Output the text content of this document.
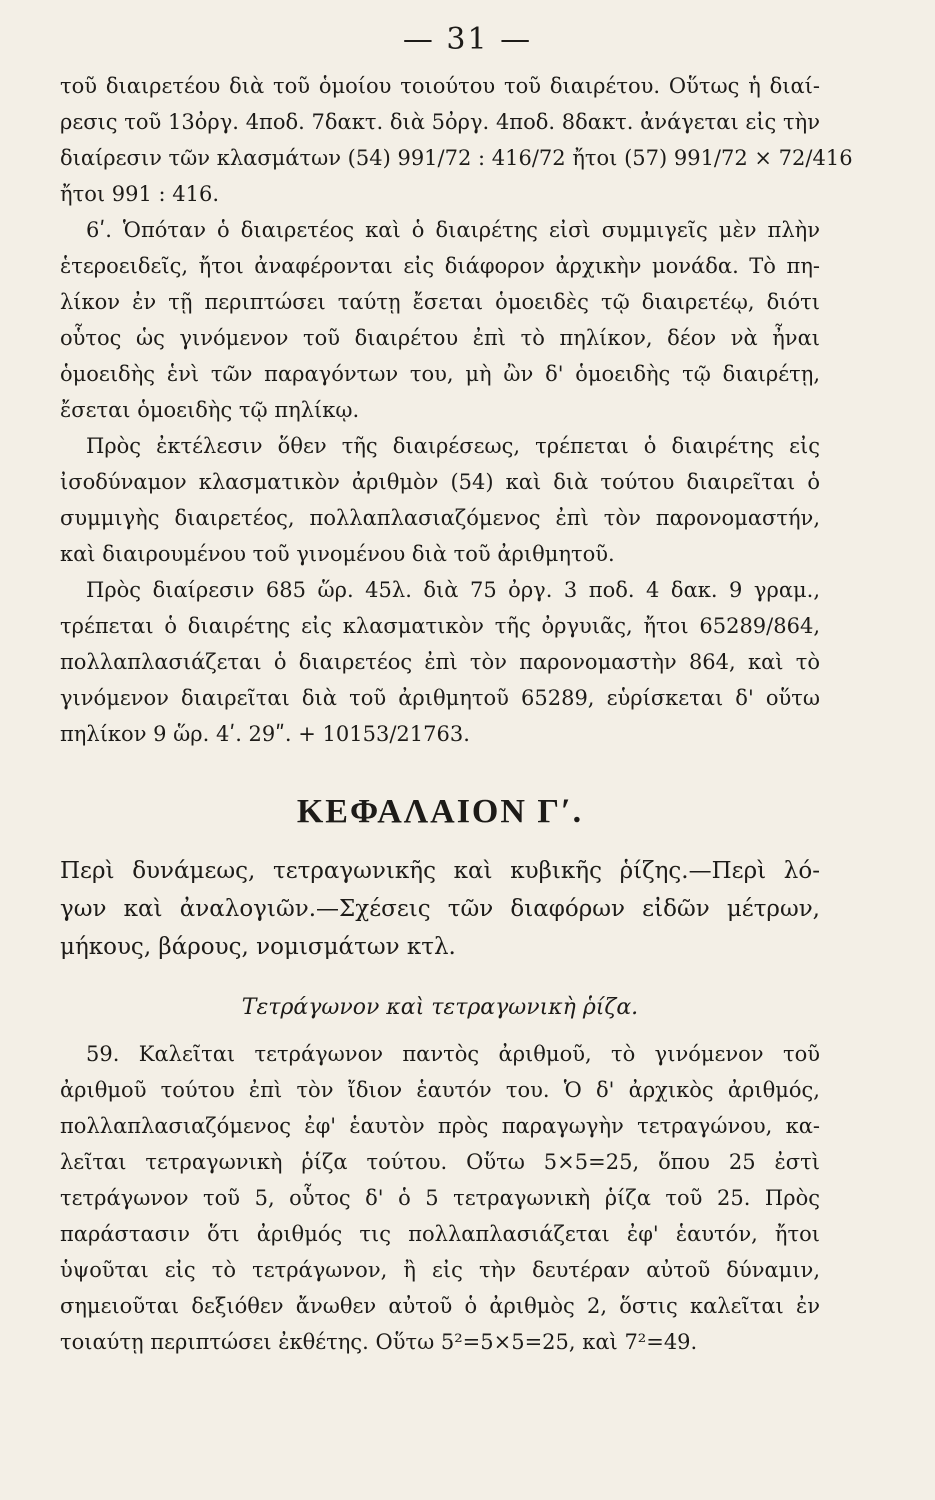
— 31 —
τοῦ διαιρετέου διὰ τοῦ ὁμοίου τοιούτου τοῦ διαιρέτου. Οὕτως ἡ διαί-
ρεσις τοῦ 13ὀργ. 4ποδ. 7δακτ. διὰ 5ὀργ. 4ποδ. 8δακτ. ἀνάγεται εἰς τὴν
διαίρεσιν τῶν κλασμάτων (54) 991/72 : 416/72 ἤτοι (57) 991/72 × 72/416
ἤτοι 991 : 416.
6ʹ. Ὁπόταν ὁ διαιρετέος καὶ ὁ διαιρέτης εἰσὶ συμμιγεῖς μὲν πλὴν
ἑτεροειδεῖς, ἤτοι ἀναφέρονται εἰς διάφορον ἀρχικὴν μονάδα. Τὸ πη-
λίκον ἐν τῇ περιπτώσει ταύτῃ ἔσεται ὁμοειδὲς τῷ διαιρετέῳ, διότι
οὗτος ὡς γινόμενον τοῦ διαιρέτου ἐπὶ τὸ πηλίκον, δέον νὰ ἦναι
ὁμοειδὴς ἑνὶ τῶν παραγόντων του, μὴ ὢν δ' ὁμοειδὴς τῷ διαιρέτῃ,
ἔσεται ὁμοειδὴς τῷ πηλίκῳ.
Πρὸς ἐκτέλεσιν ὅθεν τῆς διαιρέσεως, τρέπεται ὁ διαιρέτης εἰς
ἰσοδύναμον κλασματικὸν ἀριθμὸν (54) καὶ διὰ τούτου διαιρεῖται ὁ
συμμιγὴς διαιρετέος, πολλαπλασιαζόμενος ἐπὶ τὸν παρονομαστήν,
καὶ διαιρουμένου τοῦ γινομένου διὰ τοῦ ἀριθμητοῦ.
Πρὸς διαίρεσιν 685 ὥρ. 45λ. διὰ 75 ὀργ. 3 ποδ. 4 δακ. 9 γραμ.,
τρέπεται ὁ διαιρέτης εἰς κλασματικὸν τῆς ὀργυιᾶς, ἤτοι 65289/864,
πολλαπλασιάζεται ὁ διαιρετέος ἐπὶ τὸν παρονομαστὴν 864, καὶ τὸ
γινόμενον διαιρεῖται διὰ τοῦ ἀριθμητοῦ 65289, εὑρίσκεται δ' οὕτω
πηλίκον 9 ὥρ. 4ʹ. 29ʺ. + 10153/21763.
ΚΕΦΑΛΑΙΟΝ Γʹ.
Περὶ δυνάμεως, τετραγωνικῆς καὶ κυβικῆς ῥίζης.—Περὶ λό-
γων καὶ ἀναλογιῶν.—Σχέσεις τῶν διαφόρων εἰδῶν μέτρων,
μήκους, βάρους, νομισμάτων κτλ.
Τετράγωνον καὶ τετραγωνικὴ ῥίζα.
59. Καλεῖται τετράγωνον παντὸς ἀριθμοῦ, τὸ γινόμενον τοῦ
ἀριθμοῦ τούτου ἐπὶ τὸν ἴδιον ἑαυτόν του. Ὁ δ' ἀρχικὸς ἀριθμός,
πολλαπλασιαζόμενος ἐφ' ἑαυτὸν πρὸς παραγωγὴν τετραγώνου, κα-
λεῖται τετραγωνικὴ ῥίζα τούτου. Οὕτω 5×5=25, ὅπου 25 ἐστὶ
τετράγωνον τοῦ 5, οὗτος δ' ὁ 5 τετραγωνικὴ ῥίζα τοῦ 25. Πρὸς
παράστασιν ὅτι ἀριθμός τις πολλαπλασιάζεται ἐφ' ἑαυτόν, ἤτοι
ὑψοῦται εἰς τὸ τετράγωνον, ἢ εἰς τὴν δευτέραν αὐτοῦ δύναμιν,
σημειοῦται δεξιόθεν ἄνωθεν αὐτοῦ ὁ ἀριθμὸς 2, ὅστις καλεῖται ἐν
τοιαύτῃ περιπτώσει ἐκθέτης. Οὕτω 5²=5×5=25, καὶ 7²=49.
